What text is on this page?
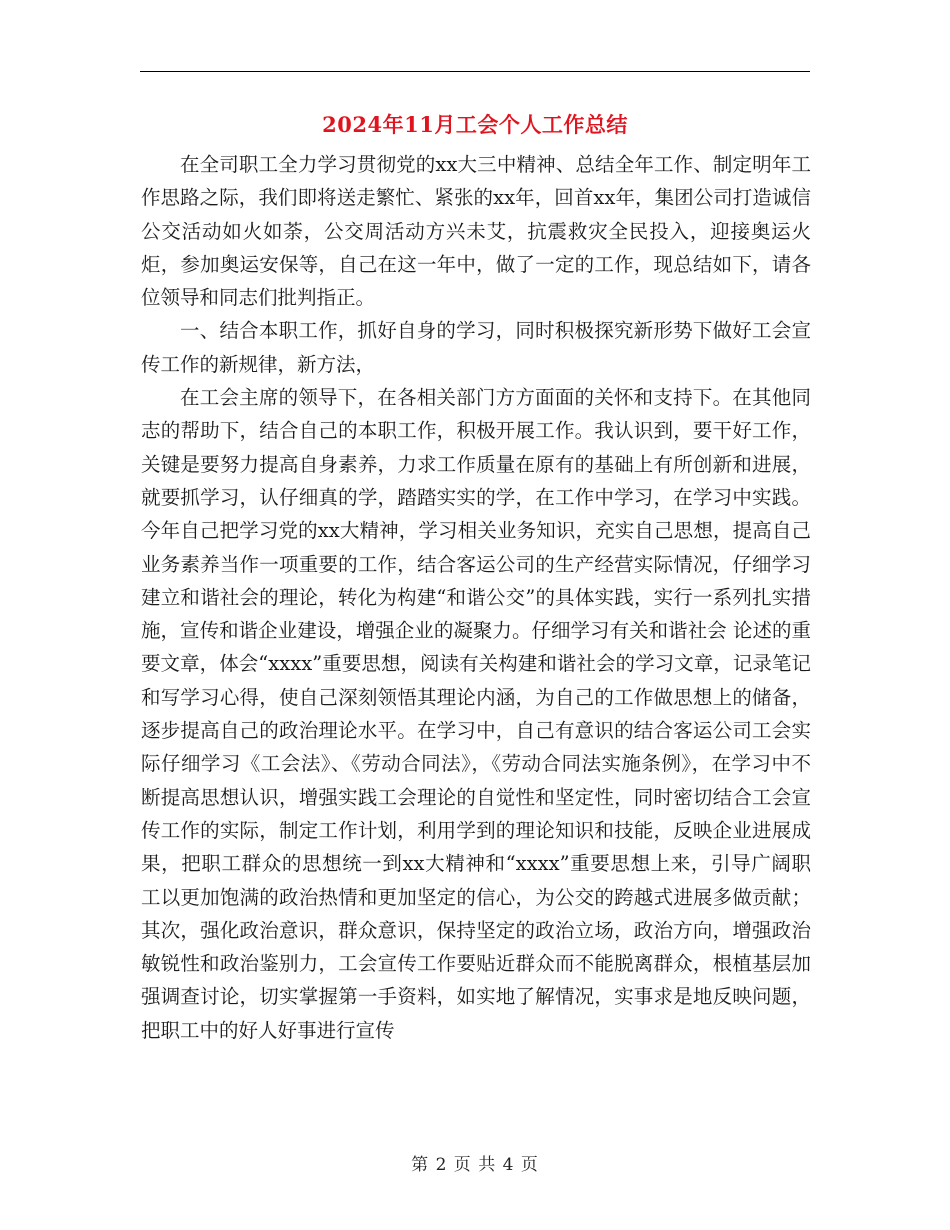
2024年11月工会个人工作总结

在全司职工全力学习贯彻党的xx大三中精神、总结全年工作、制定明年工作思路之际，我们即将送走繁忙、紧张的xx年，回首xx年，集团公司打造诚信公交活动如火如荼，公交周活动方兴未艾，抗震救灾全民投入，迎接奥运火炬，参加奥运安保等，自己在这一年中，做了一定的工作，现总结如下，请各位领导和同志们批判指正。

一、结合本职工作，抓好自身的学习，同时积极探究新形势下做好工会宣传工作的新规律，新方法，

在工会主席的领导下，在各相关部门方方面面的关怀和支持下。在其他同志的帮助下，结合自己的本职工作，积极开展工作。我认识到，要干好工作，关键是要努力提高自身素养，力求工作质量在原有的基础上有所创新和进展，就要抓学习，认仔细真的学，踏踏实实的学，在工作中学习，在学习中实践。今年自己把学习党的xx大精神，学习相关业务知识，充实自己思想，提高自己业务素养当作一项重要的工作，结合客运公司的生产经营实际情况，仔细学习建立和谐社会的理论，转化为构建“和谐公交”的具体实践，实行一系列扎实措施，宣传和谐企业建设，增强企业的凝聚力。仔细学习有关和谐社会 论述的重要文章，体会“xxxx”重要思想，阅读有关构建和谐社会的学习文章，记录笔记和写学习心得，使自己深刻领悟其理论内涵，为自己的工作做思想上的储备，逐步提高自己的政治理论水平。在学习中，自己有意识的结合客运公司工会实际仔细学习《工会法》、《劳动合同法》，《劳动合同法实施条例》，在学习中不断提高思想认识，增强实践工会理论的自觉性和坚定性，同时密切结合工会宣传工作的实际，制定工作计划，利用学到的理论知识和技能，反映企业进展成果，把职工群众的思想统一到xx大精神和“xxxx”重要思想上来，引导广阔职工以更加饱满的政治热情和更加坚定的信心，为公交的跨越式进展多做贡献；其次，强化政治意识，群众意识，保持坚定的政治立场，政治方向，增强政治敏锐性和政治鉴别力，工会宣传工作要贴近群众而不能脱离群众，根植基层加强调查讨论，切实掌握第一手资料，如实地了解情况，实事求是地反映问题，把职工中的好人好事进行宣传

第 2 页 共 4 页
